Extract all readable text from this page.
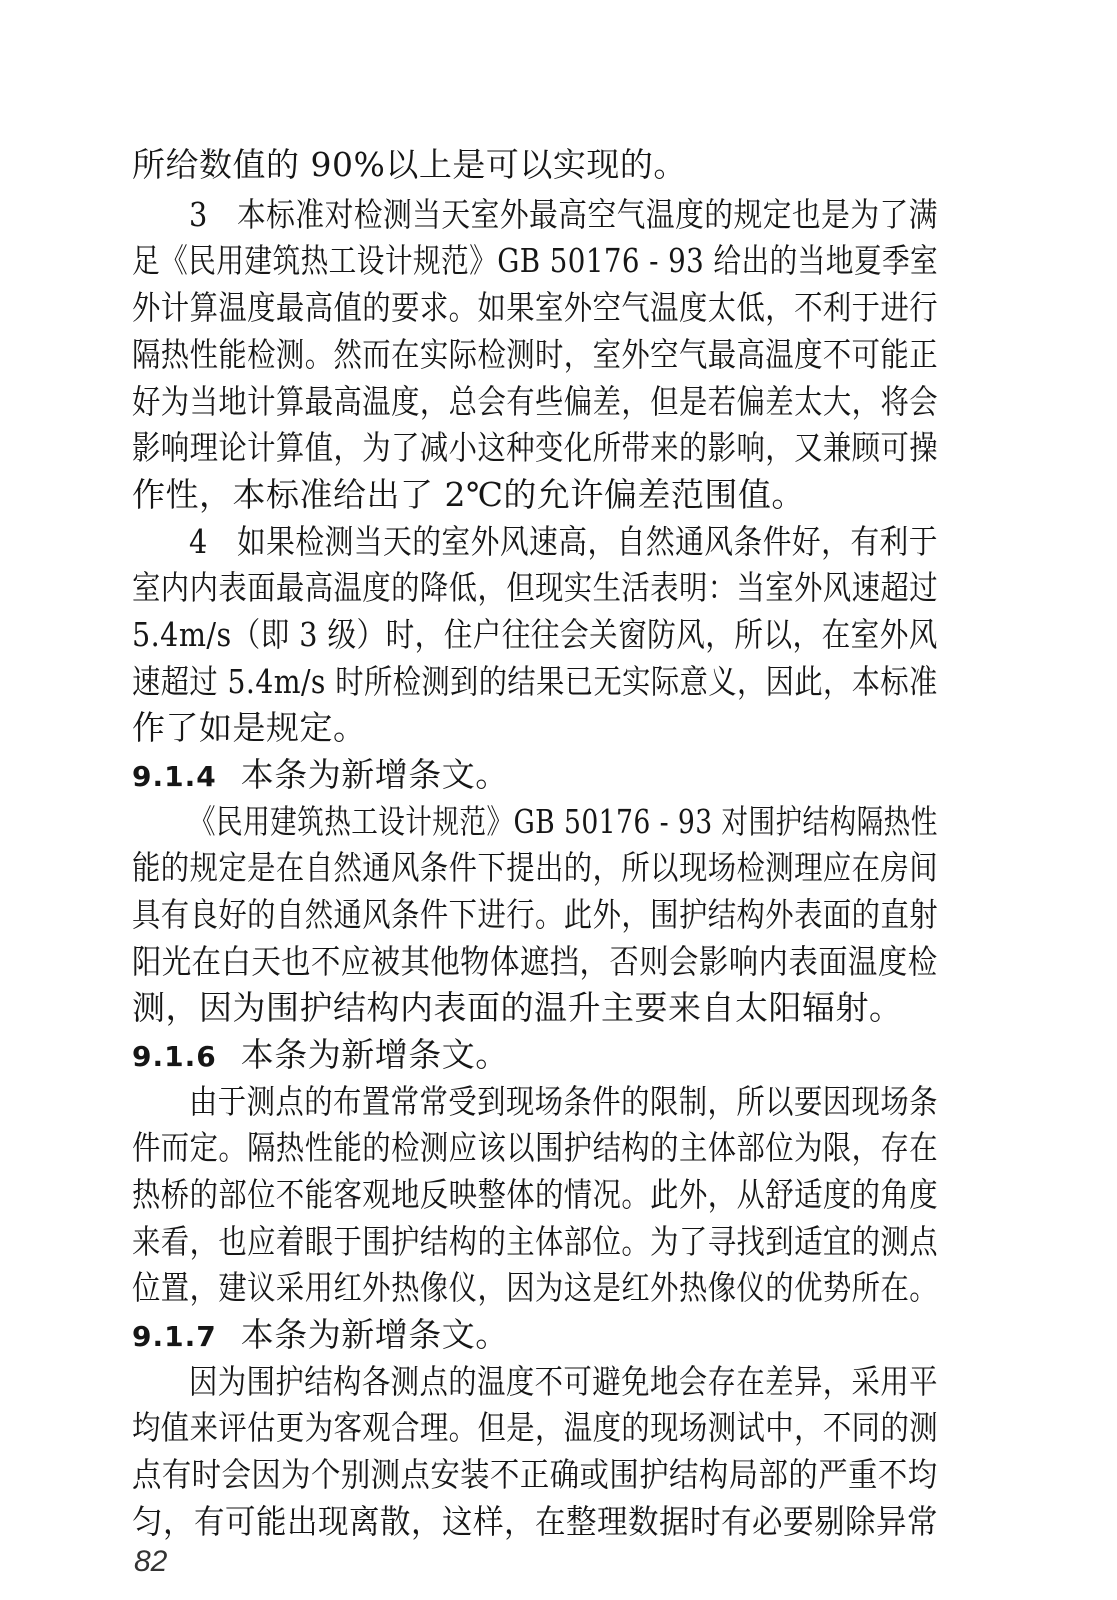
所给数值的 90%以上是可以实现的。
3　本标准对检测当天室外最高空气温度的规定也是为了满
足《民用建筑热工设计规范》GB 50176 - 93 给出的当地夏季室
外计算温度最高值的要求。如果室外空气温度太低，不利于进行
隔热性能检测。然而在实际检测时，室外空气最高温度不可能正
好为当地计算最高温度，总会有些偏差，但是若偏差太大，将会
影响理论计算值，为了减小这种变化所带来的影响，又兼顾可操
作性，本标准给出了 2℃的允许偏差范围值。
4　如果检测当天的室外风速高，自然通风条件好，有利于
室内内表面最高温度的降低，但现实生活表明：当室外风速超过
5.4m/s（即 3 级）时，住户往往会关窗防风，所以，在室外风
速超过 5.4m/s 时所检测到的结果已无实际意义，因此，本标准
作了如是规定。
9.1.4 本条为新增条文。
《民用建筑热工设计规范》GB 50176 - 93 对围护结构隔热性
能的规定是在自然通风条件下提出的，所以现场检测理应在房间
具有良好的自然通风条件下进行。此外，围护结构外表面的直射
阳光在白天也不应被其他物体遮挡，否则会影响内表面温度检
测，因为围护结构内表面的温升主要来自太阳辐射。
9.1.6 本条为新增条文。
由于测点的布置常常受到现场条件的限制，所以要因现场条
件而定。隔热性能的检测应该以围护结构的主体部位为限，存在
热桥的部位不能客观地反映整体的情况。此外，从舒适度的角度
来看，也应着眼于围护结构的主体部位。为了寻找到适宜的测点
位置，建议采用红外热像仪，因为这是红外热像仪的优势所在。
9.1.7 本条为新增条文。
因为围护结构各测点的温度不可避免地会存在差异，采用平
均值来评估更为客观合理。但是，温度的现场测试中，不同的测
点有时会因为个别测点安装不正确或围护结构局部的严重不均
匀，有可能出现离散，这样，在整理数据时有必要剔除异常
82
